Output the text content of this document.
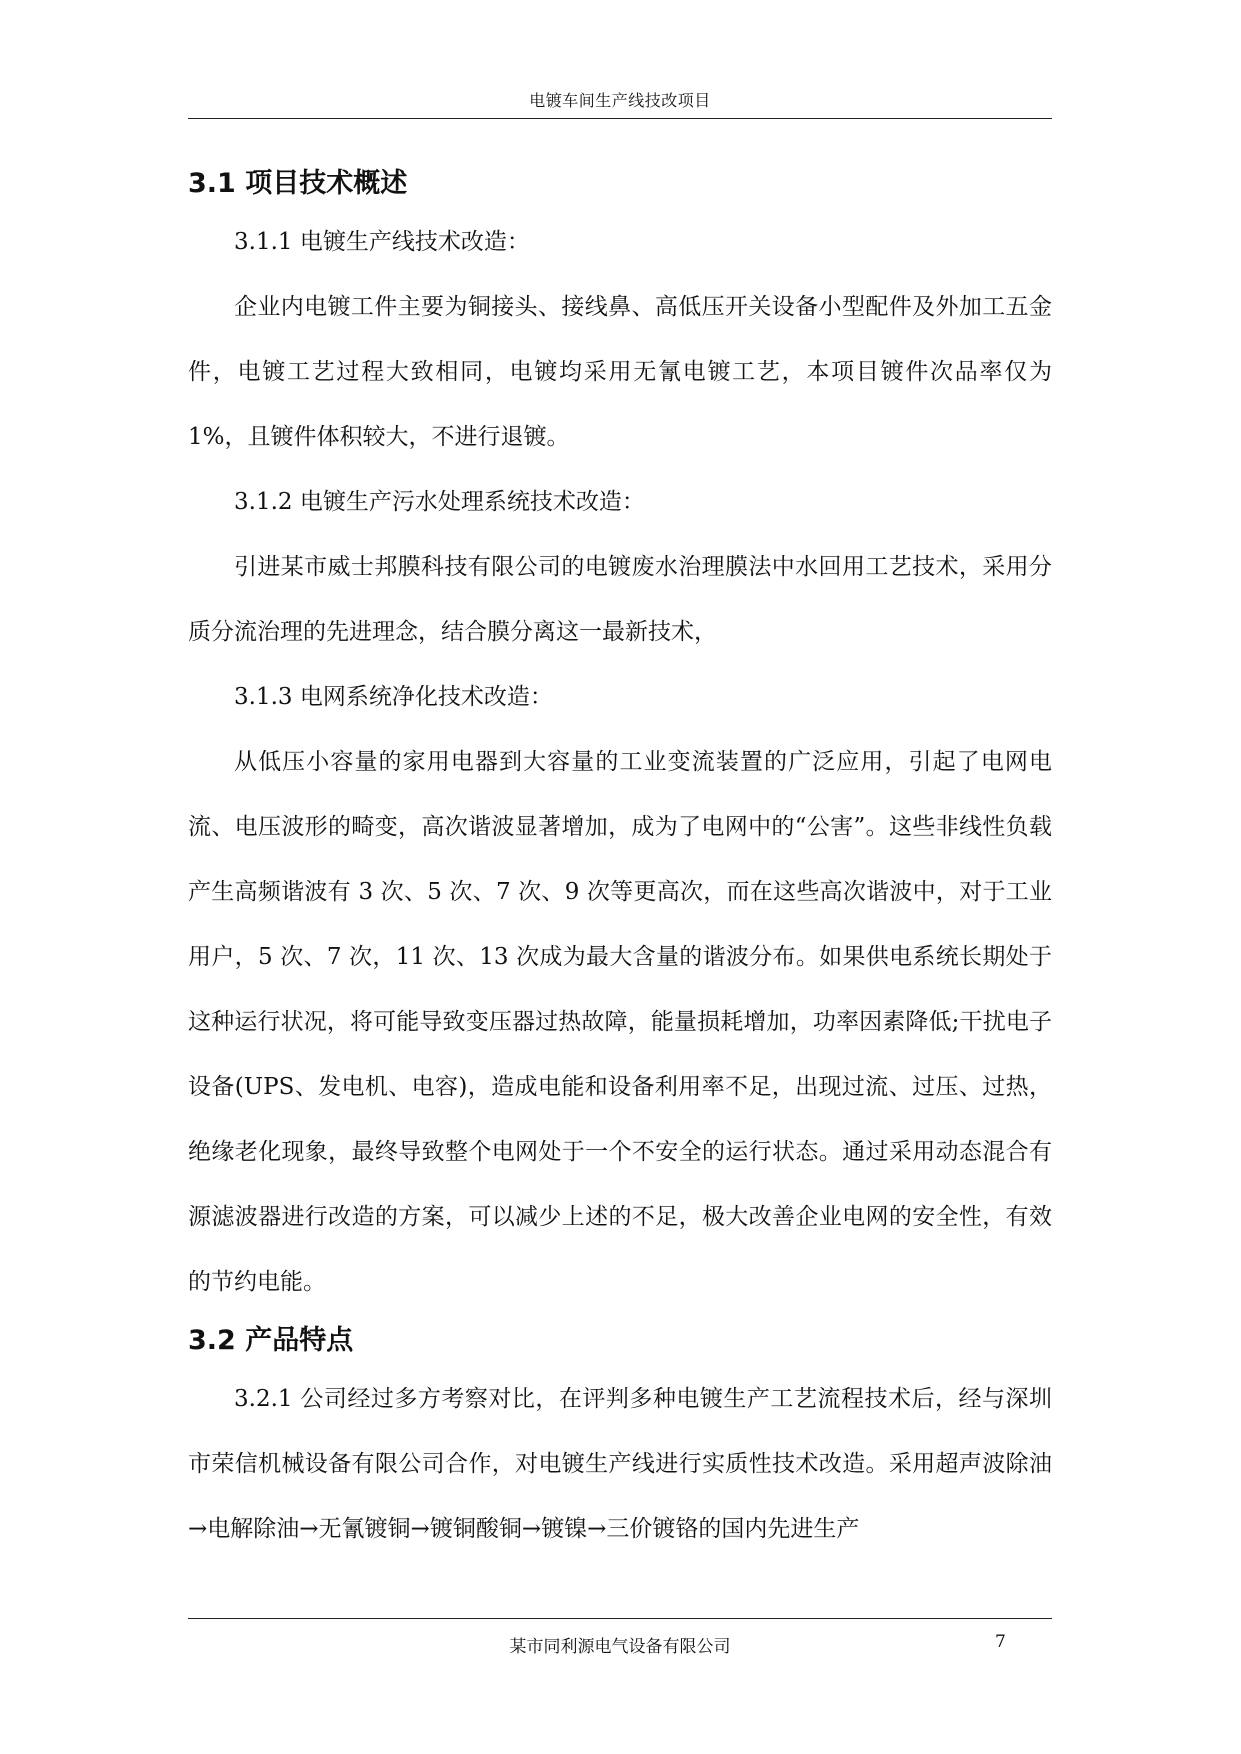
电镀车间生产线技改项目
3.1 项目技术概述

3.1.1 电镀生产线技术改造：

企业内电镀工件主要为铜接头、接线鼻、高低压开关设备小型配件及外加工五金件，电镀工艺过程大致相同，电镀均采用无氰电镀工艺，本项目镀件次品率仅为1%，且镀件体积较大，不进行退镀。

3.1.2 电镀生产污水处理系统技术改造：

引进某市威士邦膜科技有限公司的电镀废水治理膜法中水回用工艺技术，采用分质分流治理的先进理念，结合膜分离这一最新技术，

3.1.3 电网系统净化技术改造：

从低压小容量的家用电器到大容量的工业变流装置的广泛应用，引起了电网电流、电压波形的畸变，高次谐波显著增加，成为了电网中的“公害”。这些非线性负载产生高频谐波有 3 次、5 次、7 次、9 次等更高次，而在这些高次谐波中，对于工业用户，5 次、7 次，11 次、13 次成为最大含量的谐波分布。如果供电系统长期处于这种运行状况，将可能导致变压器过热故障，能量损耗增加，功率因素降低;干扰电子设备(UPS、发电机、电容)，造成电能和设备利用率不足，出现过流、过压、过热，绝缘老化现象，最终导致整个电网处于一个不安全的运行状态。通过采用动态混合有源滤波器进行改造的方案，可以减少上述的不足，极大改善企业电网的安全性，有效的节约电能。

3.2 产品特点

3.2.1 公司经过多方考察对比，在评判多种电镀生产工艺流程技术后，经与深圳市荣信机械设备有限公司合作，对电镀生产线进行实质性技术改造。采用超声波除油→电解除油→无氰镀铜→镀铜酸铜→镀镍→三价镀铬的国内先进生产

某市同利源电气设备有限公司	7
